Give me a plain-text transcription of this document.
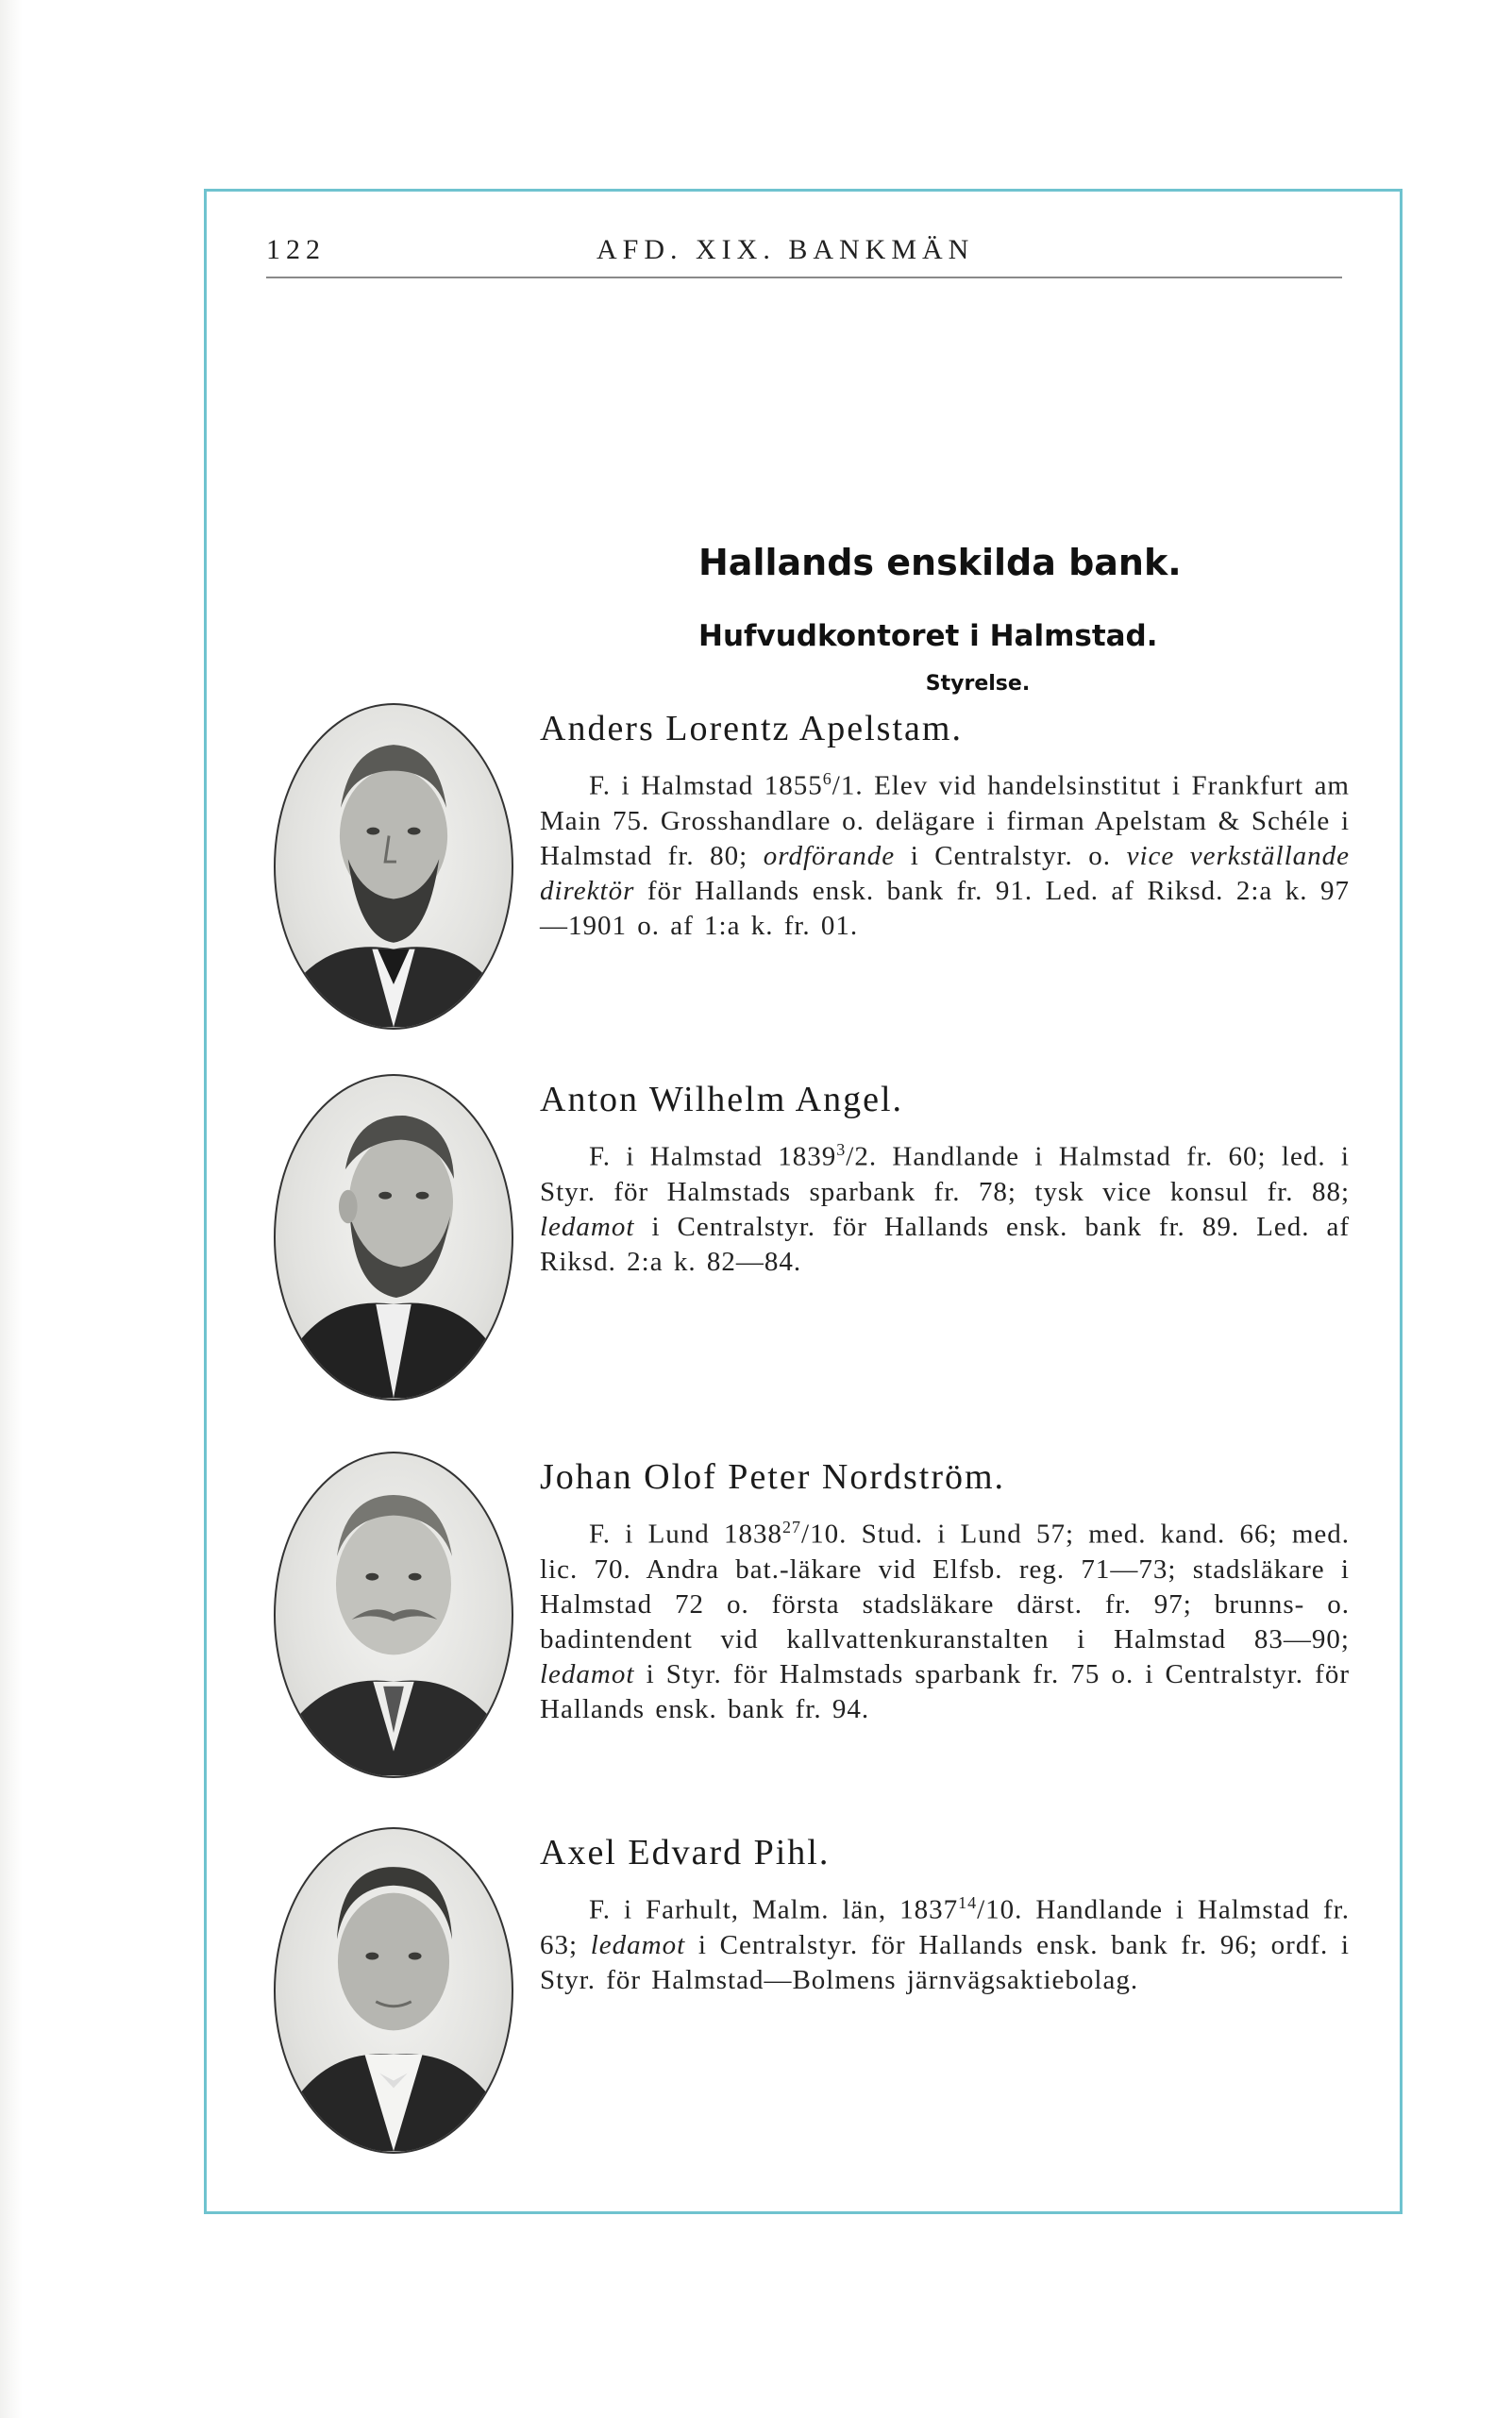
122	AFD. XIX. BANKMÄN
Hallands enskilda bank.
Hufvudkontoret i Halmstad.
Styrelse.
Anders Lorentz Apelstam.

F. i Halmstad 1855$^6$/1. Elev vid handelsinstitut i Frankfurt am Main 75. Grosshandlare o. delägare i firman Apelstam & Schéle i Halmstad fr. 80; ordförande i Centralstyr. o. vice verkställande direktör för Hallands ensk. bank fr. 91. Led. af Riksd. 2:a k. 97—1901 o. af 1:a k. fr. 01.

Anton Wilhelm Angel.

F. i Halmstad 1839$^3$/2. Handlande i Halmstad fr. 60; led. i Styr. för Halmstads sparbank fr. 78; tysk vice konsul fr. 88; ledamot i Centralstyr. för Hallands ensk. bank fr. 89. Led. af Riksd. 2:a k. 82—84.

Johan Olof Peter Nordström.

F. i Lund 1838$^{27}$/10. Stud. i Lund 57; med. kand. 66; med. lic. 70. Andra bat.-läkare vid Elfsb. reg. 71—73; stadsläkare i Halmstad 72 o. första stadsläkare därst. fr. 97; brunns- o. badintendent vid kallvattenkuranstalten i Halmstad 83—90; ledamot i Styr. för Halmstads sparbank fr. 75 o. i Centralstyr. för Hallands ensk. bank fr. 94.

Axel Edvard Pihl.

F. i Farhult, Malm. län, 1837$^{14}$/10. Handlande i Halmstad fr. 63; ledamot i Centralstyr. för Hallands ensk. bank fr. 96; ordf. i Styr. för Halmstad—Bolmens järnvägsaktiebolag.
